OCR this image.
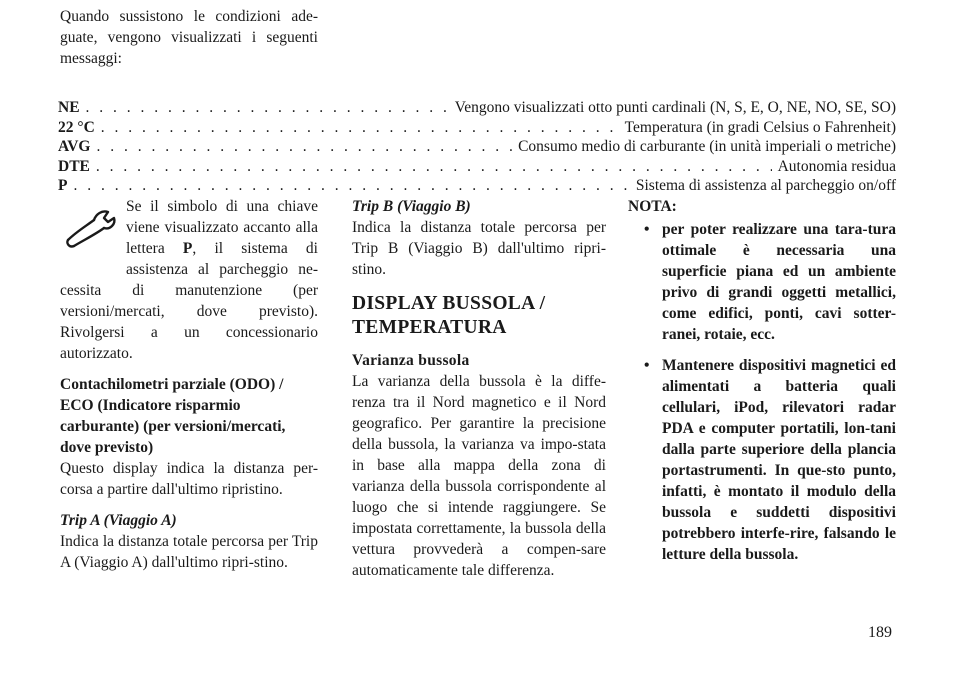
Quando sussistono le condizioni ade-guate, vengono visualizzati i seguenti messaggi:

NE . . .	Vengono visualizzati otto punti cardinali (N, S, E, O, NE, NO, SE, SO)
22 °C . . .	Temperatura (in gradi Celsius o Fahrenheit)
AVG . . .	Consumo medio di carburante (in unità imperiali o metriche)
DTE . . .	Autonomia residua
P . . .	Sistema di assistenza al parcheggio on/off

Se il simbolo di una chiave viene visualizzato accanto alla lettera P, il sistema di assistenza al parcheggio ne-cessita di manutenzione (per versioni/mercati, dove previsto). Rivolgersi a un concessionario autorizzato.

Contachilometri parziale (ODO) / ECO (Indicatore risparmio carburante) (per versioni/mercati, dove previsto)

Questo display indica la distanza per-corsa a partire dall'ultimo ripristino.

Trip A (Viaggio A)

Indica la distanza totale percorsa per Trip A (Viaggio A) dall'ultimo ripri-stino.

Trip B (Viaggio B)

Indica la distanza totale percorsa per Trip B (Viaggio B) dall'ultimo ripri-stino.

DISPLAY BUSSOLA / TEMPERATURA

Varianza bussola

La varianza della bussola è la diffe-renza tra il Nord magnetico e il Nord geografico. Per garantire la precisione della bussola, la varianza va impo-stata in base alla mappa della zona di varianza della bussola corrispondente al luogo che si intende raggiungere. Se impostata correttamente, la bussola della vettura provvederà a compen-sare automaticamente tale differenza.

NOTA:

• per poter realizzare una tara-tura ottimale è necessaria una superficie piana ed un ambiente privo di grandi oggetti metallici, come edifici, ponti, cavi sotter-ranei, rotaie, ecc.
• Mantenere dispositivi magnetici ed alimentati a batteria quali cellulari, iPod, rilevatori radar PDA e computer portatili, lon-tani dalla parte superiore della plancia portastrumenti. In que-sto punto, infatti, è montato il modulo della bussola e suddetti dispositivi potrebbero interfe-rire, falsando le letture della bussola.
189
